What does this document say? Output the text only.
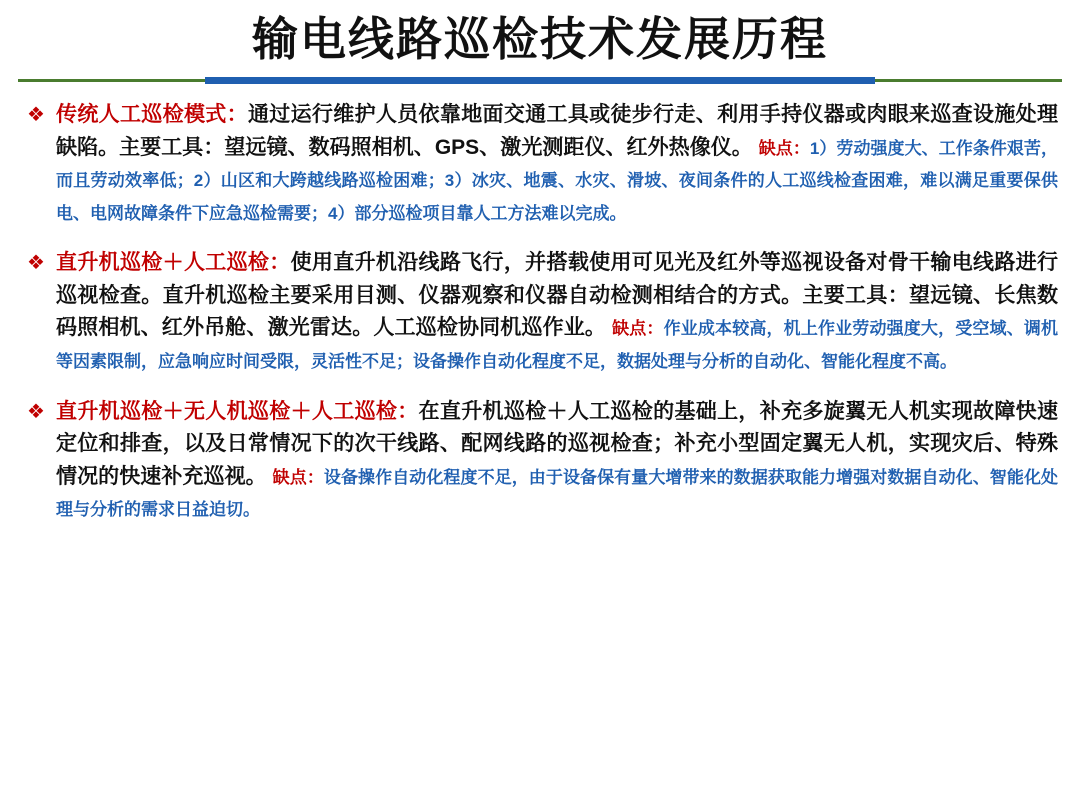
输电线路巡检技术发展历程
❖ 传统人工巡检模式：通过运行维护人员依靠地面交通工具或徒步行走、利用手持仪器或肉眼来巡查设施处理缺陷。主要工具：望远镜、数码照相机、GPS、激光测距仪、红外热像仪。 缺点：1）劳动强度大、工作条件艰苦，而且劳动效率低；2）山区和大跨越线路巡检困难；3）冰灾、地震、水灾、滑坡、夜间条件的人工巡线检查困难，难以满足重要保供电、电网故障条件下应急巡检需要；4）部分巡检项目靠人工方法难以完成。
❖ 直升机巡检＋人工巡检：使用直升机沿线路飞行，并搭载使用可见光及红外等巡视设备对骨干输电线路进行巡视检查。直升机巡检主要采用目测、仪器观察和仪器自动检测相结合的方式。主要工具：望远镜、长焦数码照相机、红外吊舱、激光雷达。人工巡检协同机巡作业。 缺点：作业成本较高，机上作业劳动强度大，受空域、调机等因素限制，应急响应时间受限，灵活性不足；设备操作自动化程度不足，数据处理与分析的自动化、智能化程度不高。
❖ 直升机巡检＋无人机巡检＋人工巡检：在直升机巡检＋人工巡检的基础上，补充多旋翼无人机实现故障快速定位和排查，以及日常情况下的次干线路、配网线路的巡视检查；补充小型固定翼无人机，实现灾后、特殊情况的快速补充巡视。 缺点：设备操作自动化程度不足，由于设备保有量大增带来的数据获取能力增强对数据自动化、智能化处理与分析的需求日益迫切。
